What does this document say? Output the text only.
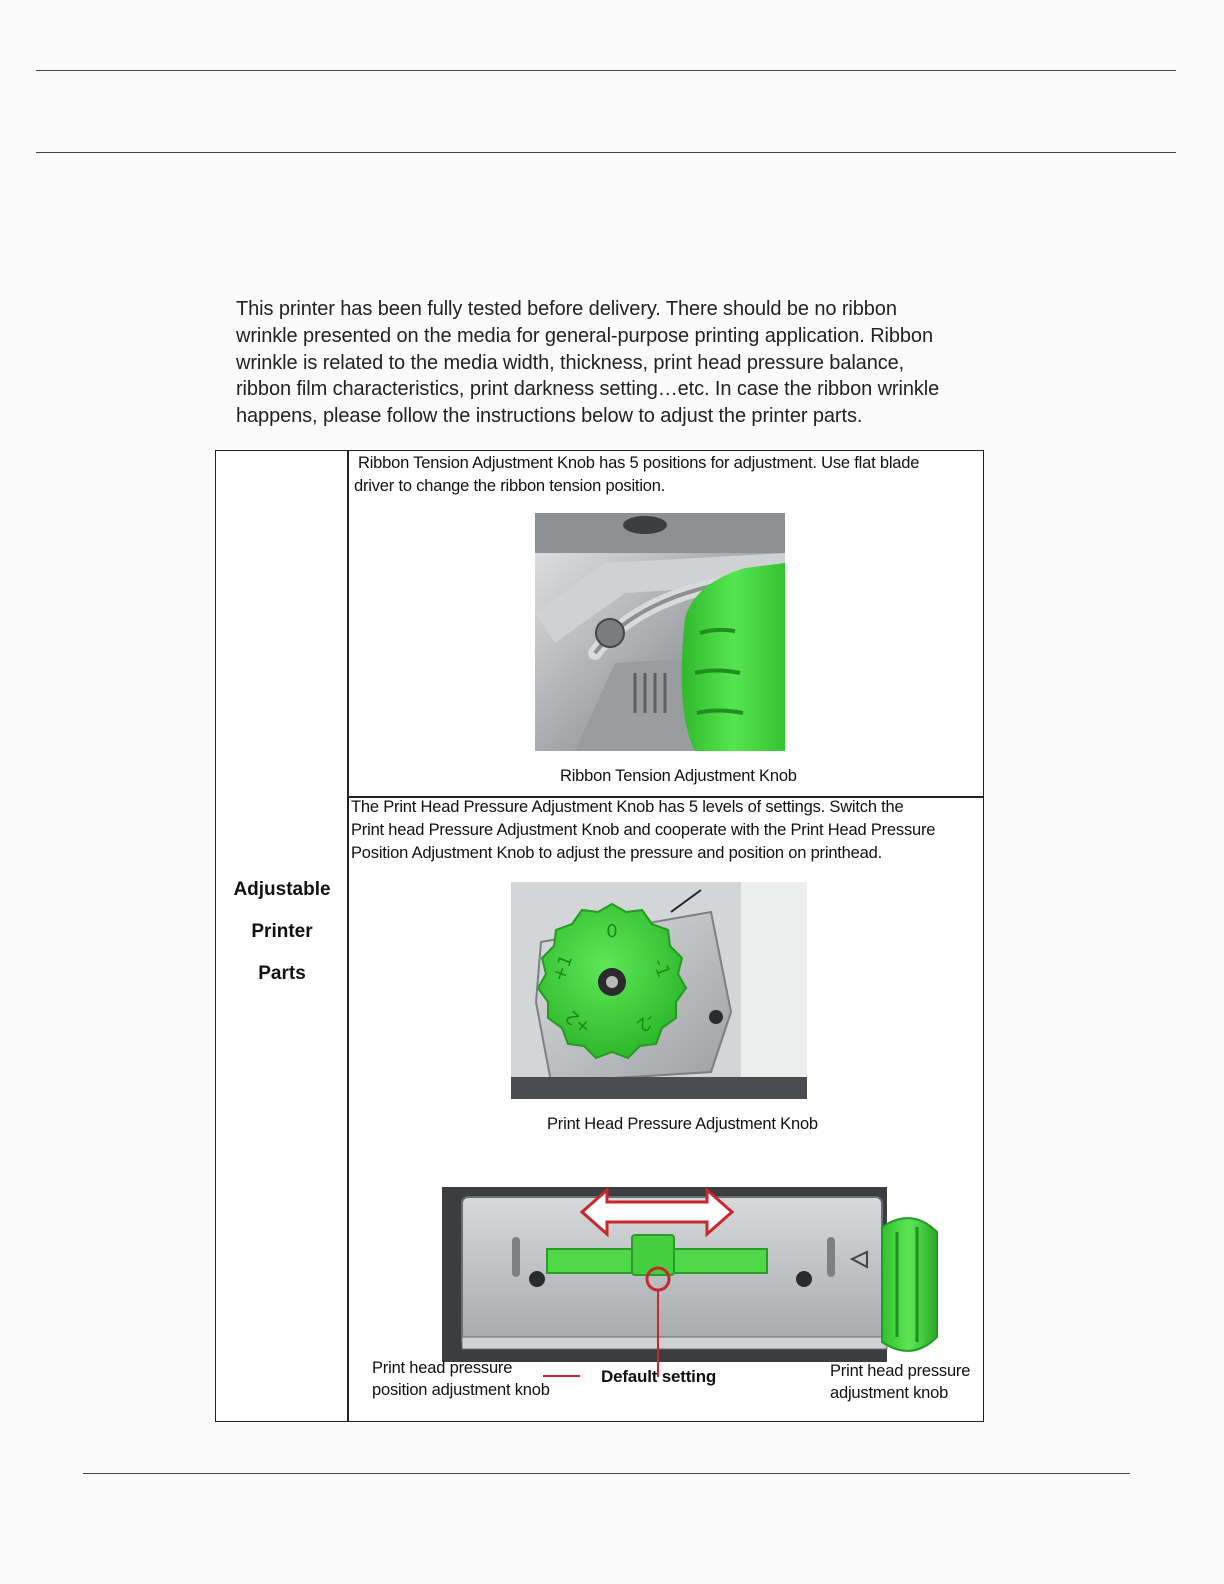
This printer has been fully tested before delivery. There should be no ribbon
wrinkle presented on the media for general-purpose printing application. Ribbon
wrinkle is related to the media width, thickness, print head pressure balance,
ribbon film characteristics, print darkness setting…etc. In case the ribbon wrinkle
happens, please follow the instructions below to adjust the printer parts.
Adjustable
Printer
Parts
Ribbon Tension Adjustment Knob has 5 positions for adjustment. Use flat blade
driver to change the ribbon tension position.
Ribbon Tension Adjustment Knob
The Print Head Pressure Adjustment Knob has 5 levels of settings. Switch the
Print head Pressure Adjustment Knob and cooperate with the Print Head Pressure
Position Adjustment Knob to adjust the pressure and position on printhead.
0
-1
-2
+2
+1
Print Head Pressure Adjustment Knob
Print head pressure
position adjustment knob
Default setting	Print head pressure
adjustment knob
